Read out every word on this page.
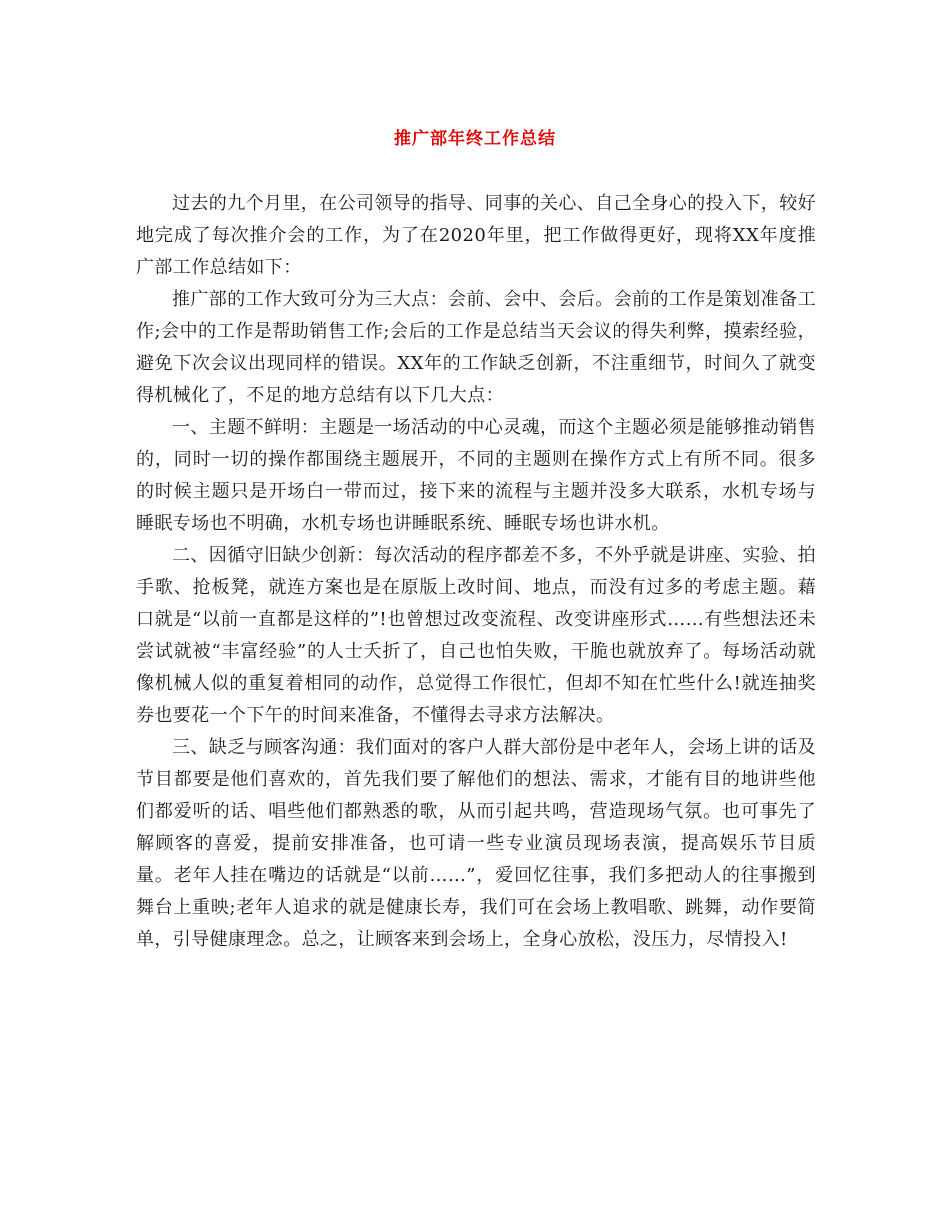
推广部年终工作总结

过去的九个月里，在公司领导的指导、同事的关心、自己全身心的投入下，较好地完成了每次推介会的工作，为了在2020年里，把工作做得更好，现将XX年度推广部工作总结如下：

推广部的工作大致可分为三大点：会前、会中、会后。会前的工作是策划准备工作;会中的工作是帮助销售工作;会后的工作是总结当天会议的得失利弊，摸索经验，避免下次会议出现同样的错误。XX年的工作缺乏创新，不注重细节，时间久了就变得机械化了，不足的地方总结有以下几大点：

一、主题不鲜明：主题是一场活动的中心灵魂，而这个主题必须是能够推动销售的，同时一切的操作都围绕主题展开，不同的主题则在操作方式上有所不同。很多的时候主题只是开场白一带而过，接下来的流程与主题并没多大联系，水机专场与睡眠专场也不明确，水机专场也讲睡眠系统、睡眠专场也讲水机。

二、因循守旧缺少创新：每次活动的程序都差不多，不外乎就是讲座、实验、拍手歌、抢板凳，就连方案也是在原版上改时间、地点，而没有过多的考虑主题。藉口就是“以前一直都是这样的”!也曾想过改变流程、改变讲座形式……有些想法还未尝试就被“丰富经验”的人士夭折了，自己也怕失败，干脆也就放弃了。每场活动就像机械人似的重复着相同的动作，总觉得工作很忙，但却不知在忙些什么!就连抽奖券也要花一个下午的时间来准备，不懂得去寻求方法解决。

三、缺乏与顾客沟通：我们面对的客户人群大部份是中老年人，会场上讲的话及节目都要是他们喜欢的，首先我们要了解他们的想法、需求，才能有目的地讲些他们都爱听的话、唱些他们都熟悉的歌，从而引起共鸣，营造现场气氛。也可事先了解顾客的喜爱，提前安排准备，也可请一些专业演员现场表演，提高娱乐节目质量。老年人挂在嘴边的话就是“以前……”，爱回忆往事，我们多把动人的往事搬到舞台上重映;老年人追求的就是健康长寿，我们可在会场上教唱歌、跳舞，动作要简单，引导健康理念。总之，让顾客来到会场上，全身心放松，没压力，尽情投入!
